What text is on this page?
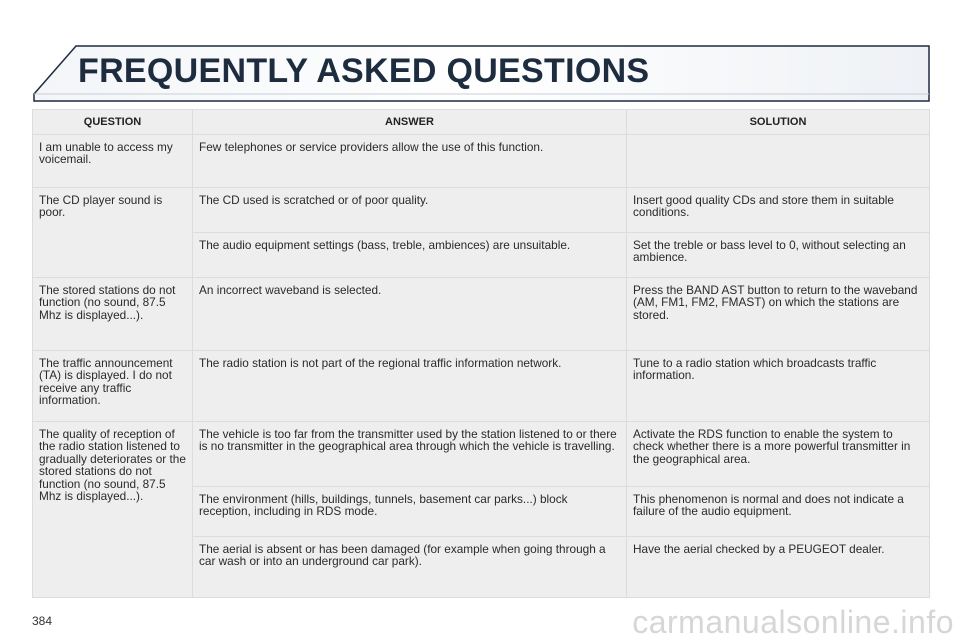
FREQUENTLY ASKED QUESTIONS
QUESTION	ANSWER	SOLUTION
I am unable to access my voicemail.	Few telephones or service providers allow the use of this function.	
The CD player sound is poor.	The CD used is scratched or of poor quality.	Insert good quality CDs and store them in suitable conditions.
	The audio equipment settings (bass, treble, ambiences) are unsuitable.	Set the treble or bass level to 0, without selecting an ambience.
The stored stations do not function (no sound, 87.5 Mhz is displayed...).	An incorrect waveband is selected.	Press the BAND AST button to return to the waveband (AM, FM1, FM2, FMAST) on which the stations are stored.
The traffic announcement (TA) is displayed. I do not receive any traffic information.	The radio station is not part of the regional traffic information network.	Tune to a radio station which broadcasts traffic information.
The quality of reception of the radio station listened to gradually deteriorates or the stored stations do not function (no sound, 87.5 Mhz is displayed...).	The vehicle is too far from the transmitter used by the station listened to or there is no transmitter in the geographical area through which the vehicle is travelling.	Activate the RDS function to enable the system to check whether there is a more powerful transmitter in the geographical area.
	The environment (hills, buildings, tunnels, basement car parks...) block reception, including in RDS mode.	This phenomenon is normal and does not indicate a failure of the audio equipment.
	The aerial is absent or has been damaged (for example when going through a car wash or into an underground car park).	Have the aerial checked by a PEUGEOT dealer.
384	carmanualsonline.info
